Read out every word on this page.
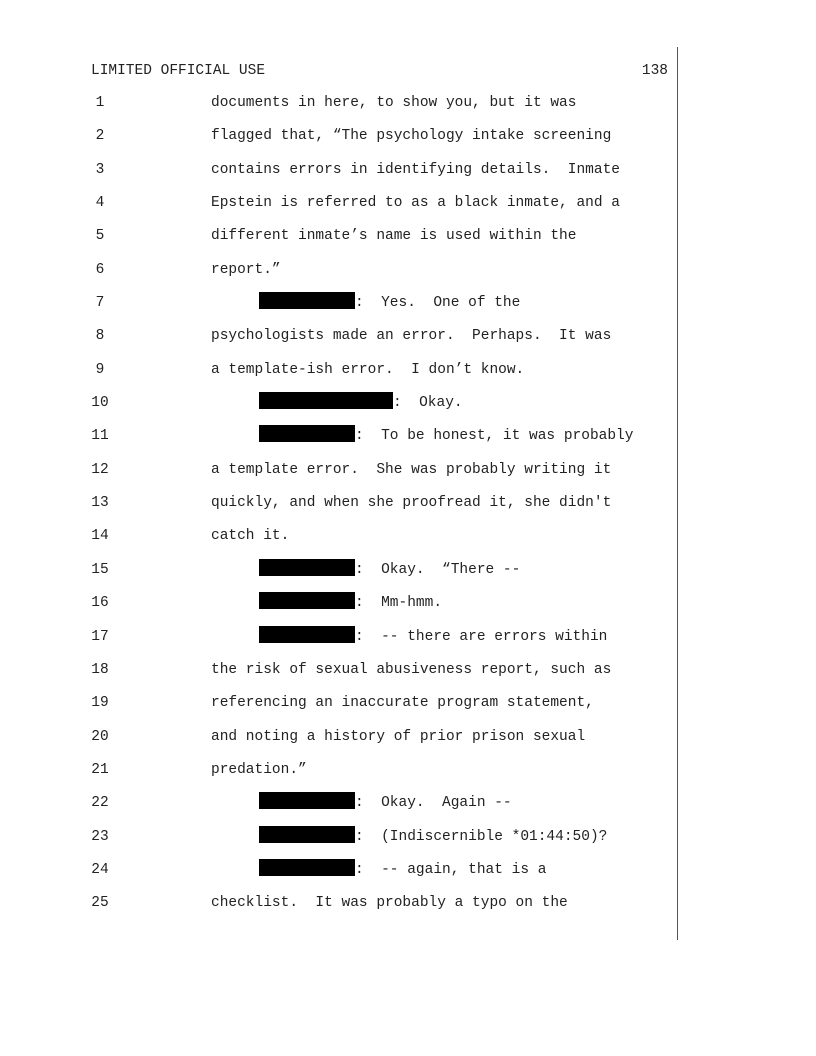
LIMITED OFFICIAL USE	138
1	documents in here, to show you, but it was
2	flagged that, “The psychology intake screening
3	contains errors in identifying details.  Inmate
4	Epstein is referred to as a black inmate, and a
5	different inmate’s name is used within the
6	report.”
7	:  Yes.  One of the
8	psychologists made an error.  Perhaps.  It was
9	a template-ish error.  I don’t know.
10	:  Okay.
11	:  To be honest, it was probably
12	a template error.  She was probably writing it
13	quickly, and when she proofread it, she didn't
14	catch it.
15	:  Okay.  “There --
16	:  Mm-hmm.
17	:  -- there are errors within
18	the risk of sexual abusiveness report, such as
19	referencing an inaccurate program statement,
20	and noting a history of prior prison sexual
21	predation.”
22	:  Okay.  Again --
23	:  (Indiscernible *01:44:50)?
24	:  -- again, that is a
25	checklist.  It was probably a typo on the
